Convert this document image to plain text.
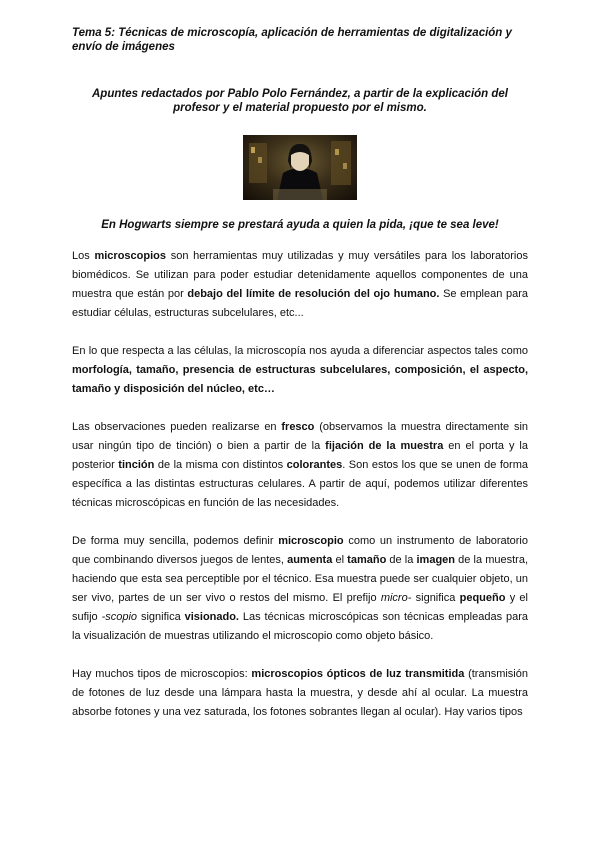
Tema 5: Técnicas de microscopía, aplicación de herramientas de digitalización y envío de imágenes
Apuntes redactados por Pablo Polo Fernández, a partir de la explicación del profesor y el material propuesto por el mismo.
En Hogwarts siempre se prestará ayuda a quien la pida, ¡que te sea leve!

Los microscopios son herramientas muy utilizadas y muy versátiles para los laboratorios biomédicos. Se utilizan para poder estudiar detenidamente aquellos componentes de una muestra que están por debajo del límite de resolución del ojo humano. Se emplean para estudiar células, estructuras subcelulares, etc...

En lo que respecta a las células, la microscopía nos ayuda a diferenciar aspectos tales como morfología, tamaño, presencia de estructuras subcelulares, composición, el aspecto, tamaño y disposición del núcleo, etc…

Las observaciones pueden realizarse en fresco (observamos la muestra directamente sin usar ningún tipo de tinción) o bien a partir de la fijación de la muestra en el porta y la posterior tinción de la misma con distintos colorantes. Son estos los que se unen de forma específica a las distintas estructuras celulares. A partir de aquí, podemos utilizar diferentes técnicas microscópicas en función de las necesidades.

De forma muy sencilla, podemos definir microscopio como un instrumento de laboratorio que combinando diversos juegos de lentes, aumenta el tamaño de la imagen de la muestra, haciendo que esta sea perceptible por el técnico. Esa muestra puede ser cualquier objeto, un ser vivo, partes de un ser vivo o restos del mismo. El prefijo micro- significa pequeño y el sufijo -scopio significa visionado. Las técnicas microscópicas son técnicas empleadas para la visualización de muestras utilizando el microscopio como objeto básico.

Hay muchos tipos de microscopios: microscopios ópticos de luz transmitida (transmisión de fotones de luz desde una lámpara hasta la muestra, y desde ahí al ocular. La muestra absorbe fotones y una vez saturada, los fotones sobrantes llegan al ocular). Hay varios tipos
